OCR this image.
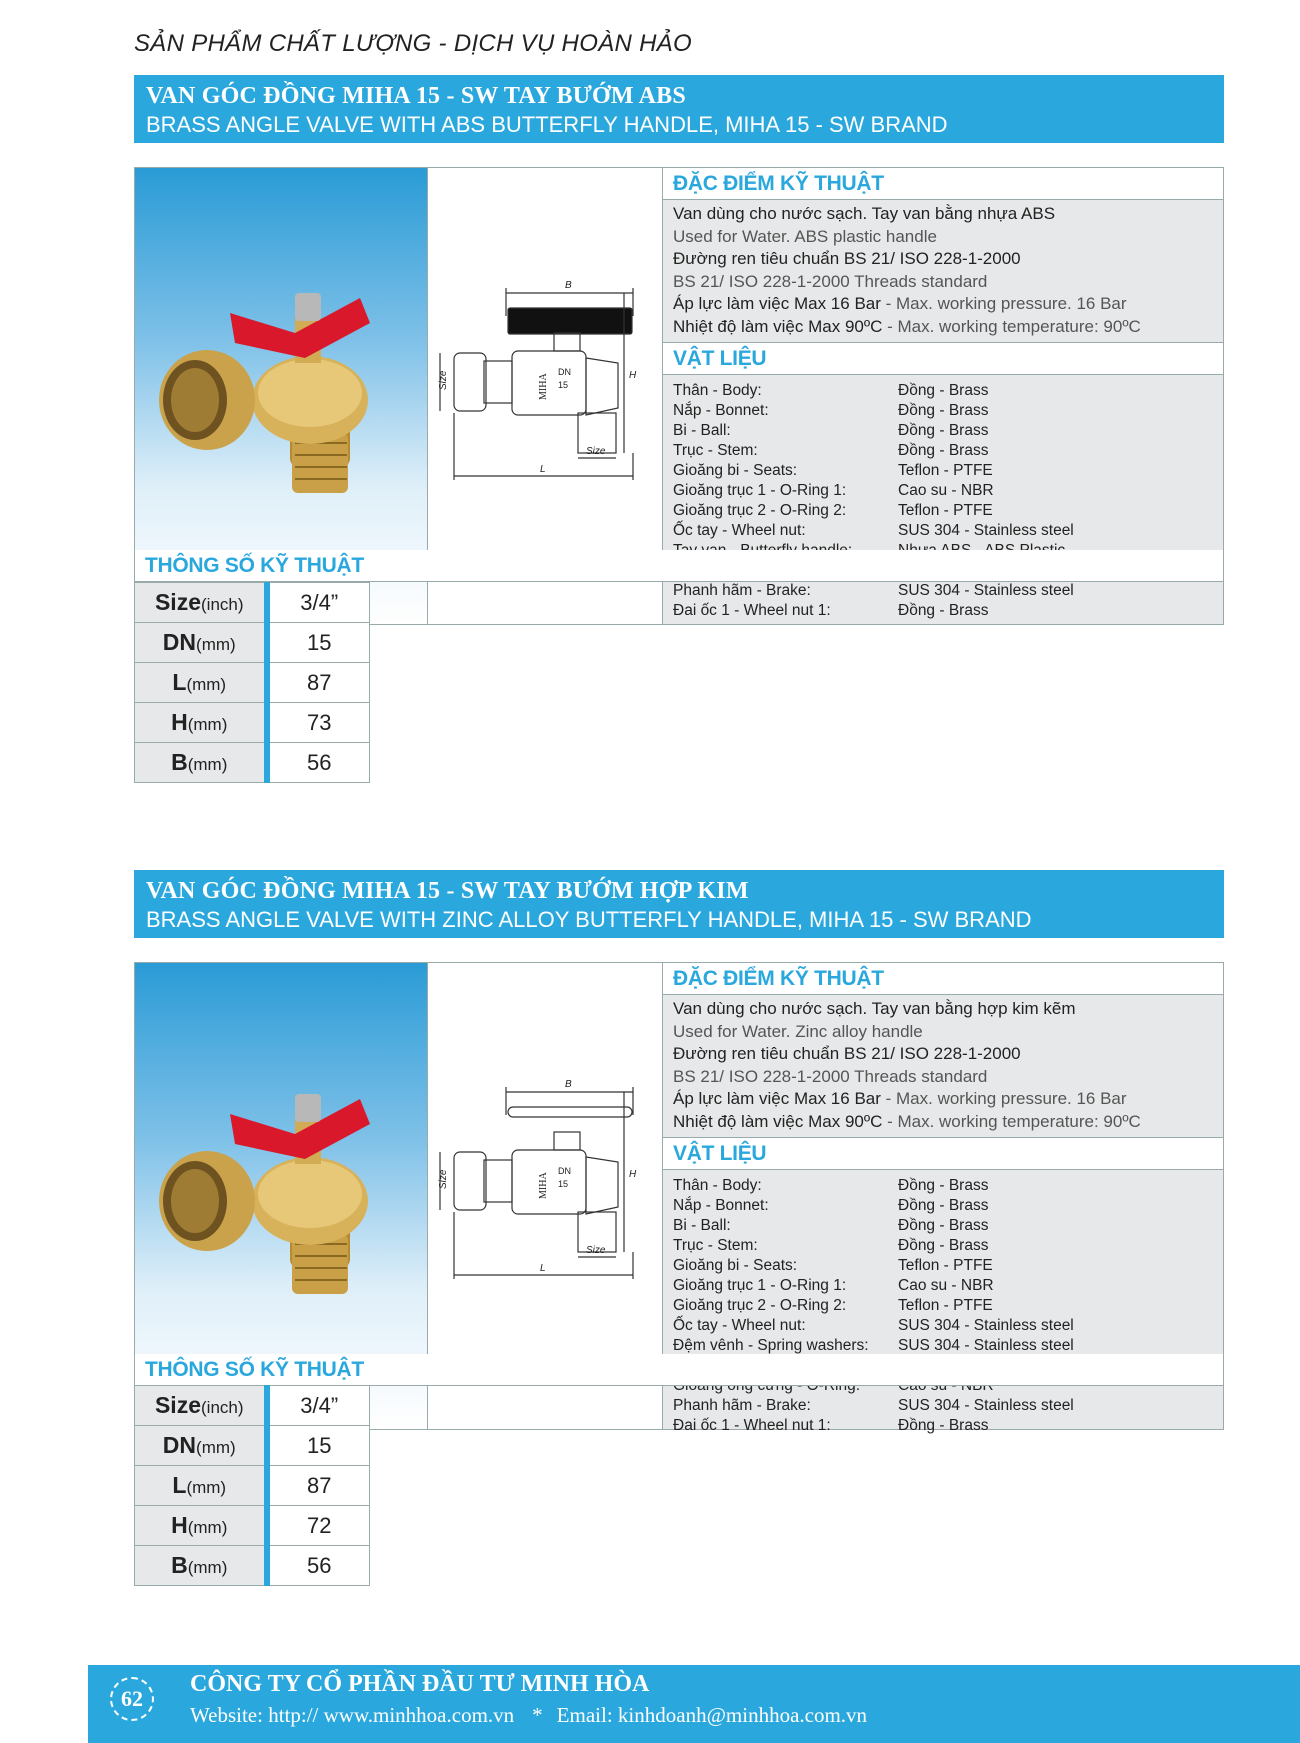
SẢN PHẨM CHẤT LƯỢNG - DỊCH VỤ HOÀN HẢO
VAN GÓC ĐỒNG MIHA 15 - SW TAY BƯỚM ABS
BRASS ANGLE VALVE WITH ABS BUTTERFLY HANDLE, MIHA 15 - SW BRAND
B
H
L
Size
Size	MIHA
DN
15
ĐẶC ĐIỂM KỸ THUẬT
Van dùng cho nước sạch. Tay van bằng nhựa ABS
Used for Water. ABS plastic handle
Đường ren tiêu chuẩn BS 21/ ISO 228-1-2000
BS 21/ ISO 228-1-2000 Threads standard
Áp lực làm việc Max 16 Bar - Max. working pressure. 16 Bar
Nhiệt độ làm việc Max 90ºC - Max. working temperature: 90ºC
VẬT LIỆU
Thân - Body:	Đồng - Brass
Nắp - Bonnet:	Đồng - Brass
Bi - Ball:	Đồng - Brass
Trục - Stem:	Đồng - Brass
Gioăng bi - Seats:	Teflon - PTFE
Gioăng trục 1 - O-Ring 1:	Cao su - NBR
Gioăng trục 2 - O-Ring 2:	Teflon - PTFE
Ốc tay - Wheel nut:	SUS 304 - Stainless steel
Phanh hãm - Brake:	SUS 304 - Stainless steel
Đai ốc 1 - Wheel nut 1:	Đồng - Brass
THÔNG SỐ KỸ THUẬT
Size(inch)	3/4”
DN(mm)	15
L(mm)	87
H(mm)	73
B(mm)	56
VAN GÓC ĐỒNG MIHA 15 - SW TAY BƯỚM HỢP KIM
BRASS ANGLE VALVE WITH ZINC ALLOY BUTTERFLY HANDLE, MIHA 15 - SW BRAND
B
H
L
Size
Size	MIHA
DN
15
ĐẶC ĐIỂM KỸ THUẬT
Van dùng cho nước sạch. Tay van bằng hợp kim kẽm
Used for Water. Zinc alloy handle
Đường ren tiêu chuẩn BS 21/ ISO 228-1-2000
BS 21/ ISO 228-1-2000 Threads standard
Áp lực làm việc Max 16 Bar - Max. working pressure. 16 Bar
Nhiệt độ làm việc Max 90ºC - Max. working temperature: 90ºC
VẬT LIỆU
Thân - Body:	Đồng - Brass
Nắp - Bonnet:	Đồng - Brass
Bi - Ball:	Đồng - Brass
Trục - Stem:	Đồng - Brass
Gioăng bi - Seats:	Teflon - PTFE
Gioăng trục 1 - O-Ring 1:	Cao su - NBR
Gioăng trục 2 - O-Ring 2:	Teflon - PTFE
Ốc tay - Wheel nut:	SUS 304 - Stainless steel
Đệm vênh - Spring washers:	SUS 304 - Stainless steel
Phanh hãm - Brake:	SUS 304 - Stainless steel
Đai ốc 1 - Wheel nut 1:	Đồng - Brass
THÔNG SỐ KỸ THUẬT
Size(inch)	3/4”
DN(mm)	15
L(mm)	87
H(mm)	72
B(mm)	56
62
CÔNG TY CỔ PHẦN ĐẦU TƯ MINH HÒA
Website: http:// www.minhhoa.com.vn * Email: kinhdoanh@minhhoa.com.vn
